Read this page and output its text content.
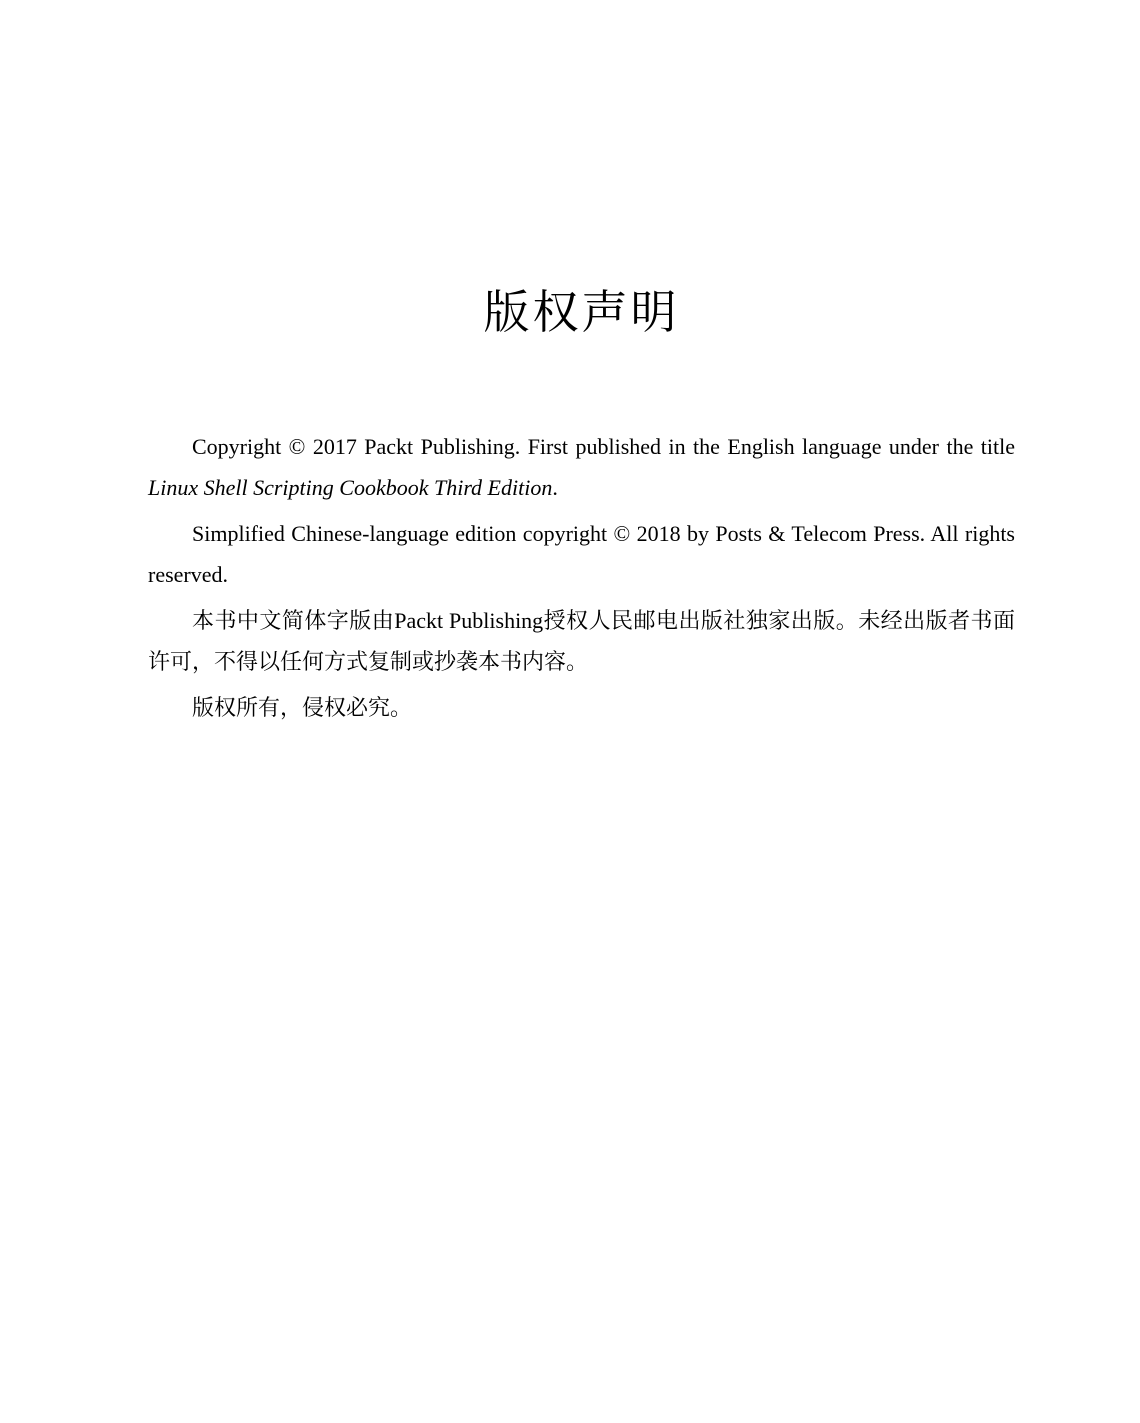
版权声明

Copyright © 2017 Packt Publishing. First published in the English language under the title Linux Shell Scripting Cookbook Third Edition.

Simplified Chinese-language edition copyright © 2018 by Posts & Telecom Press. All rights reserved.

本书中文简体字版由Packt Publishing授权人民邮电出版社独家出版。未经出版者书面许可，不得以任何方式复制或抄袭本书内容。

版权所有，侵权必究。
